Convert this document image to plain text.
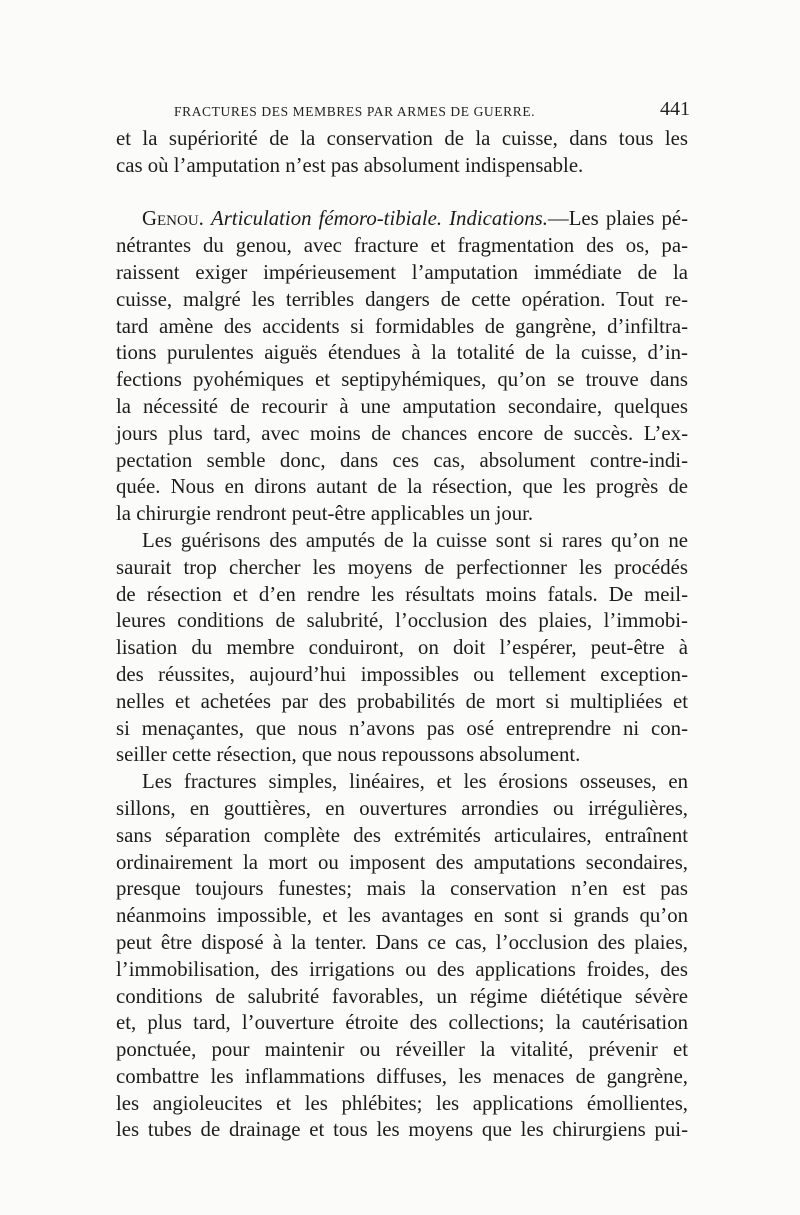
FRACTURES DES MEMBRES PAR ARMES DE GUERRE.	441

et la supériorité de la conservation de la cuisse, dans tous les

cas où l’amputation n’est pas absolument indispensable.

Genou. Articulation fémoro-tibiale. Indications.—Les plaies pé-

nétrantes du genou, avec fracture et fragmentation des os, pa-

raissent exiger impérieusement l’amputation immédiate de la

cuisse, malgré les terribles dangers de cette opération. Tout re-

tard amène des accidents si formidables de gangrène, d’infiltra-

tions purulentes aiguës étendues à la totalité de la cuisse, d’in-

fections pyohémiques et septipyhémiques, qu’on se trouve dans

la nécessité de recourir à une amputation secondaire, quelques

jours plus tard, avec moins de chances encore de succès. L’ex-

pectation semble donc, dans ces cas, absolument contre-indi-

quée. Nous en dirons autant de la résection, que les progrès de

la chirurgie rendront peut-être applicables un jour.

Les guérisons des amputés de la cuisse sont si rares qu’on ne

saurait trop chercher les moyens de perfectionner les procédés

de résection et d’en rendre les résultats moins fatals. De meil-

leures conditions de salubrité, l’occlusion des plaies, l’immobi-

lisation du membre conduiront, on doit l’espérer, peut-être à

des réussites, aujourd’hui impossibles ou tellement exception-

nelles et achetées par des probabilités de mort si multipliées et

si menaçantes, que nous n’avons pas osé entreprendre ni con-

seiller cette résection, que nous repoussons absolument.

Les fractures simples, linéaires, et les érosions osseuses, en

sillons, en gouttières, en ouvertures arrondies ou irrégulières,

sans séparation complète des extrémités articulaires, entraînent

ordinairement la mort ou imposent des amputations secondaires,

presque toujours funestes; mais la conservation n’en est pas

néanmoins impossible, et les avantages en sont si grands qu’on

peut être disposé à la tenter. Dans ce cas, l’occlusion des plaies,

l’immobilisation, des irrigations ou des applications froides, des

conditions de salubrité favorables, un régime diététique sévère

et, plus tard, l’ouverture étroite des collections; la cautérisation

ponctuée, pour maintenir ou réveiller la vitalité, prévenir et

combattre les inflammations diffuses, les menaces de gangrène,

les angioleucites et les phlébites; les applications émollientes,

les tubes de drainage et tous les moyens que les chirurgiens pui-
